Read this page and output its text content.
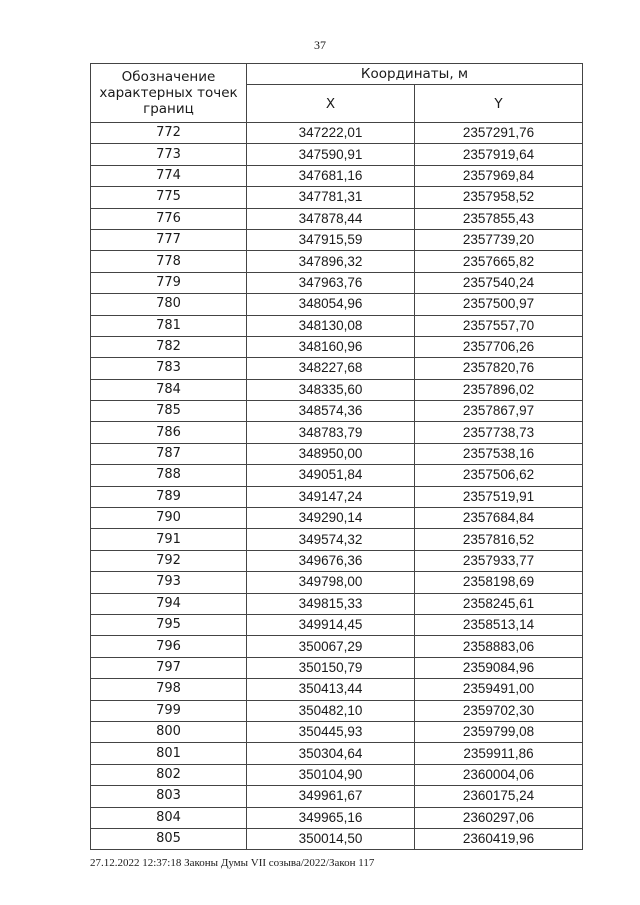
37
Обозначение характерных точек границ	Координаты, м	
	X	Y
772	347222,01	2357291,76
773	347590,91	2357919,64
774	347681,16	2357969,84
775	347781,31	2357958,52
776	347878,44	2357855,43
777	347915,59	2357739,20
778	347896,32	2357665,82
779	347963,76	2357540,24
780	348054,96	2357500,97
781	348130,08	2357557,70
782	348160,96	2357706,26
783	348227,68	2357820,76
784	348335,60	2357896,02
785	348574,36	2357867,97
786	348783,79	2357738,73
787	348950,00	2357538,16
788	349051,84	2357506,62
789	349147,24	2357519,91
790	349290,14	2357684,84
791	349574,32	2357816,52
792	349676,36	2357933,77
793	349798,00	2358198,69
794	349815,33	2358245,61
795	349914,45	2358513,14
796	350067,29	2358883,06
797	350150,79	2359084,96
798	350413,44	2359491,00
799	350482,10	2359702,30
800	350445,93	2359799,08
801	350304,64	2359911,86
802	350104,90	2360004,06
803	349961,67	2360175,24
804	349965,16	2360297,06
805	350014,50	2360419,96
27.12.2022 12:37:18 Законы Думы VII созыва/2022/Закон 117
